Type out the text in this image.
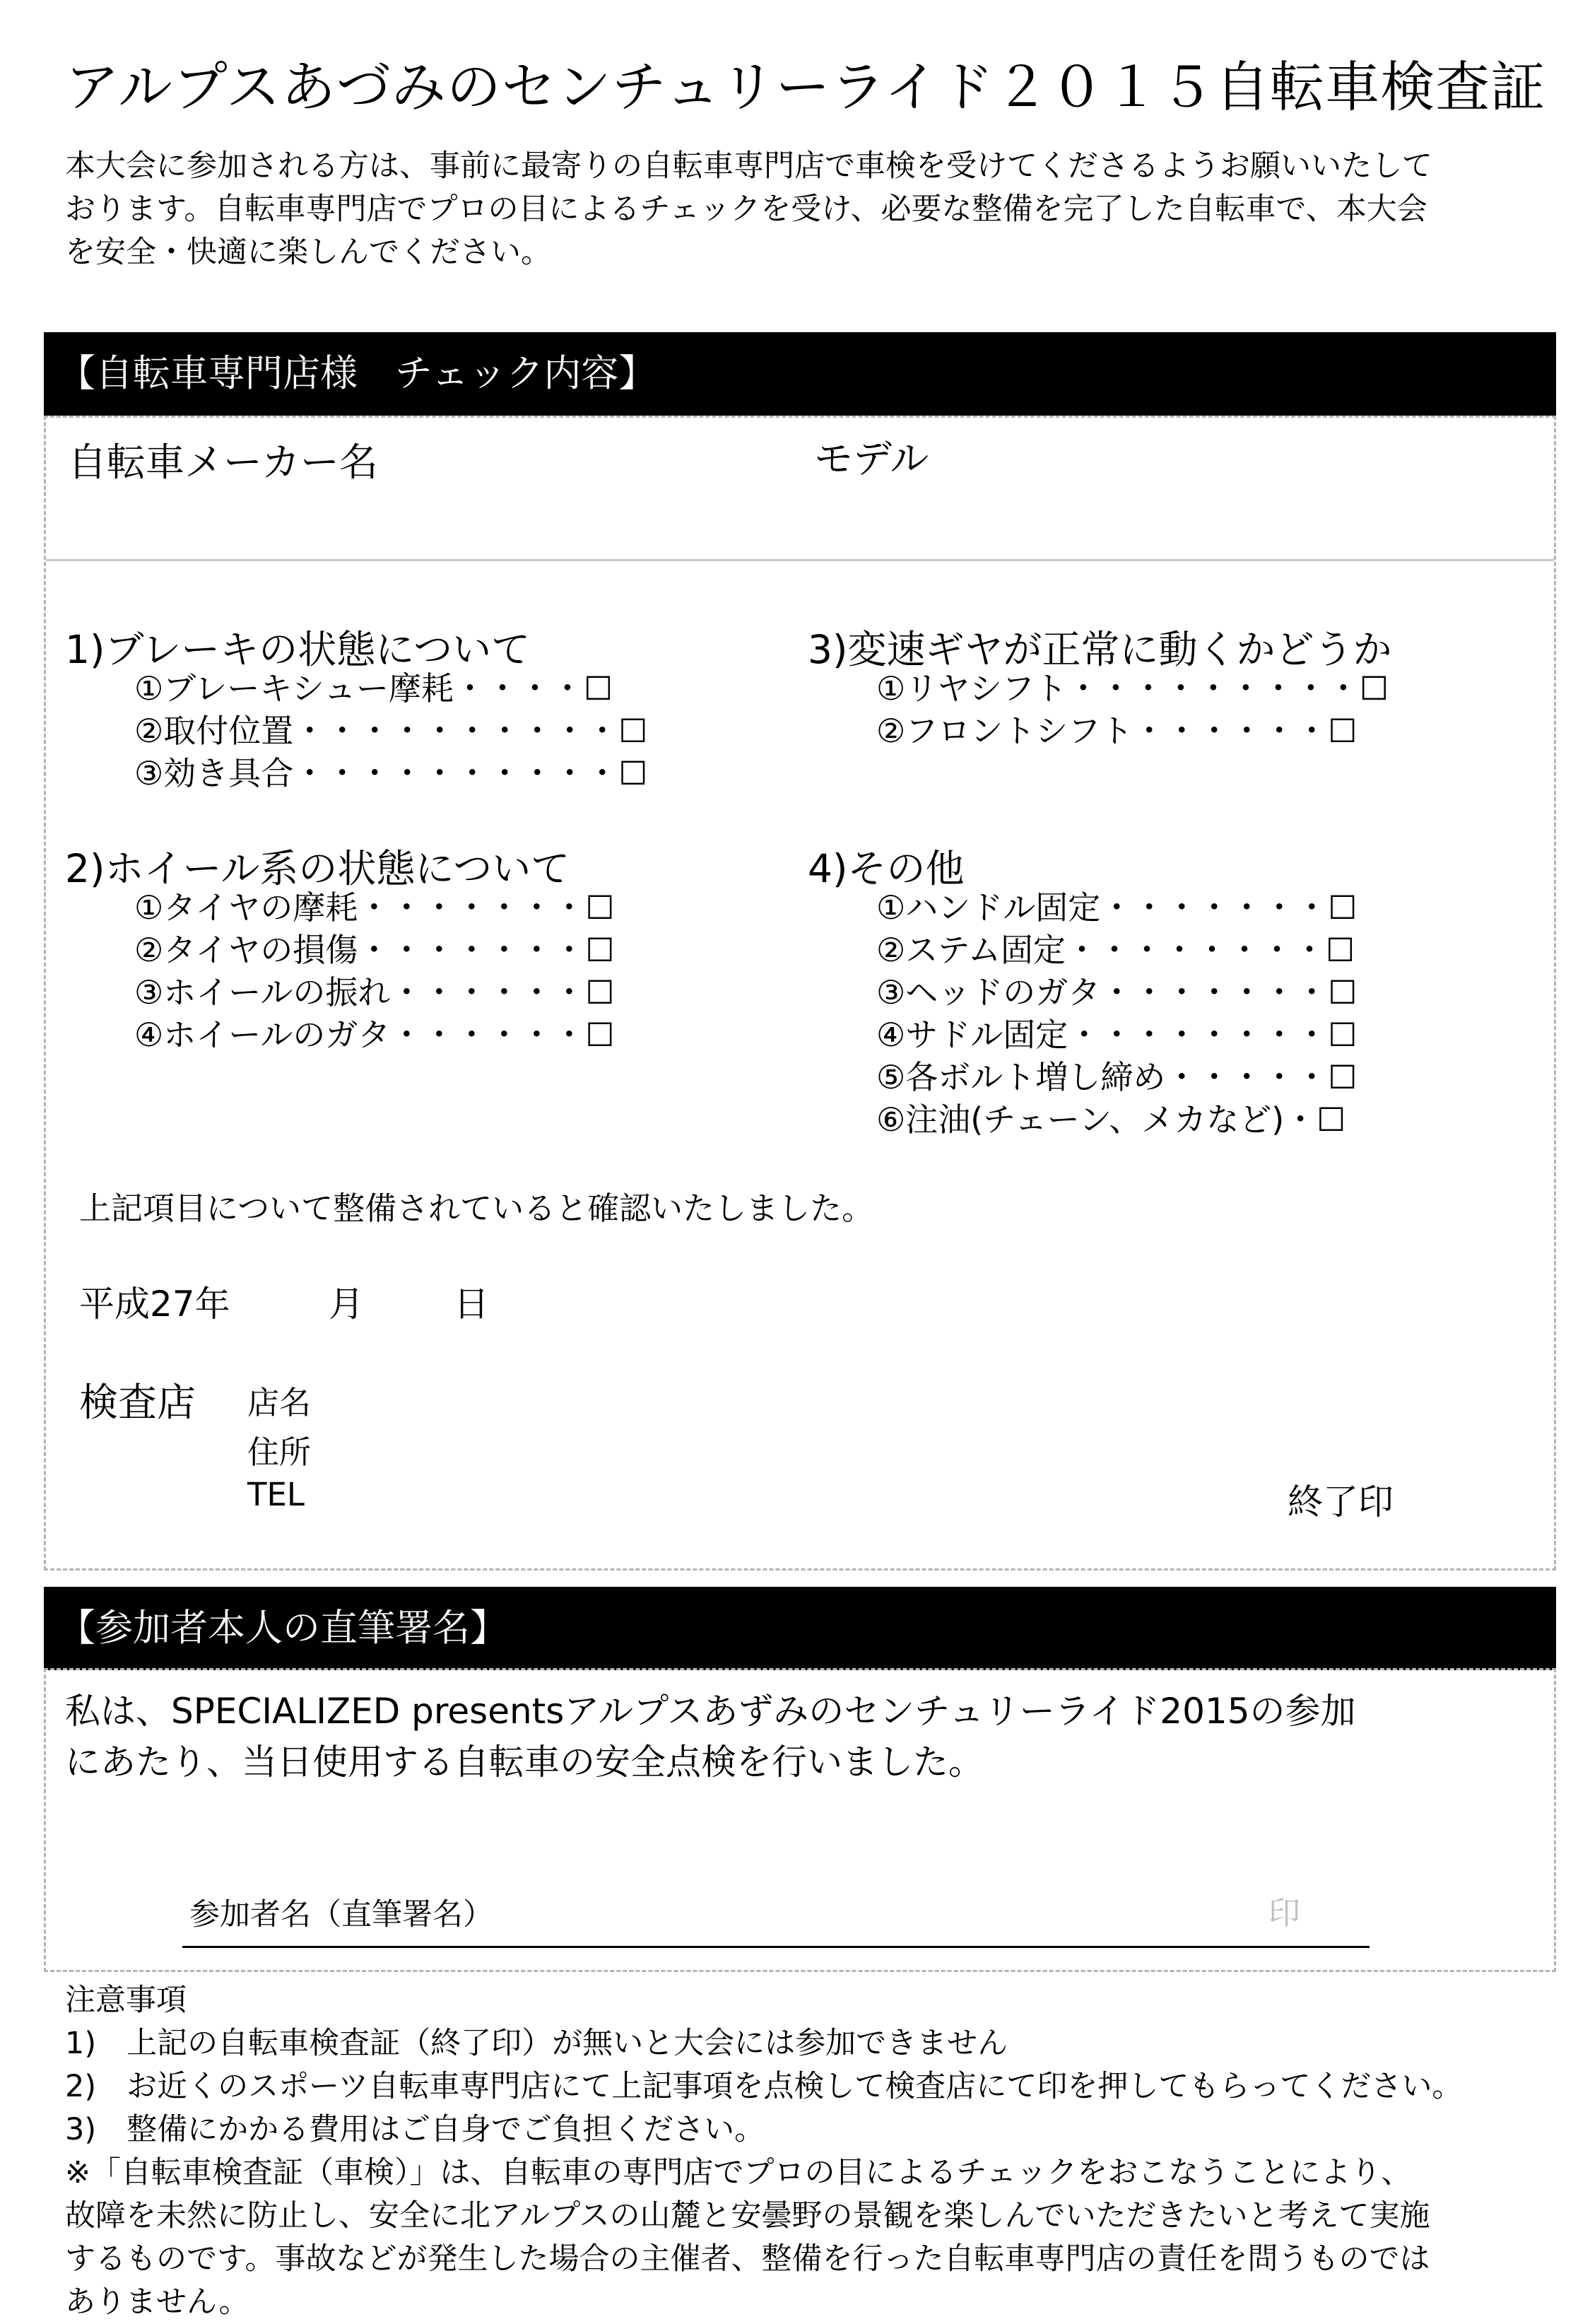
アルプスあづみのセンチュリーライド２０１５自転車検査証
本大会に参加される方は、事前に最寄りの自転車専門店で車検を受けてくださるようお願いいたして
おります。自転車専門店でプロの目によるチェックを受け、必要な整備を完了した自転車で、本大会
を安全・快適に楽しんでください。
【自転車専門店様　チェック内容】
自転車メーカー名	モデル
1)ブレーキの状態について
①ブレーキシュー摩耗・・・・☐
②取付位置・・・・・・・・・・☐
③効き具合・・・・・・・・・・☐
2)ホイール系の状態について
①タイヤの摩耗・・・・・・・☐
②タイヤの損傷・・・・・・・☐
③ホイールの振れ・・・・・・☐
④ホイールのガタ・・・・・・☐
3)変速ギヤが正常に動くかどうか
①リヤシフト・・・・・・・・・☐
②フロントシフト・・・・・・☐
4)その他
①ハンドル固定・・・・・・・☐
②ステム固定・・・・・・・・☐
③ヘッドのガタ・・・・・・・☐
④サドル固定・・・・・・・・☐
⑤各ボルト増し締め・・・・・☐
⑥注油(チェーン、メカなど)・☐
上記項目について整備されていると確認いたしました。
平成27年	月	日
検査店 店名
住所
TEL	終了印
【参加者本人の直筆署名】
私は、SPECIALIZED presentsアルプスあずみのセンチュリーライド2015の参加
にあたり、当日使用する自転車の安全点検を行いました。
参加者名（直筆署名）	印
注意事項
1)　上記の自転車検査証（終了印）が無いと大会には参加できません
2)　お近くのスポーツ自転車専門店にて上記事項を点検して検査店にて印を押してもらってください。
3)　整備にかかる費用はご自身でご負担ください。
※「自転車検査証（車検）」は、自転車の専門店でプロの目によるチェックをおこなうことにより、
故障を未然に防止し、安全に北アルプスの山麓と安曇野の景観を楽しんでいただきたいと考えて実施
するものです。事故などが発生した場合の主催者、整備を行った自転車専門店の責任を問うものでは
ありません。
